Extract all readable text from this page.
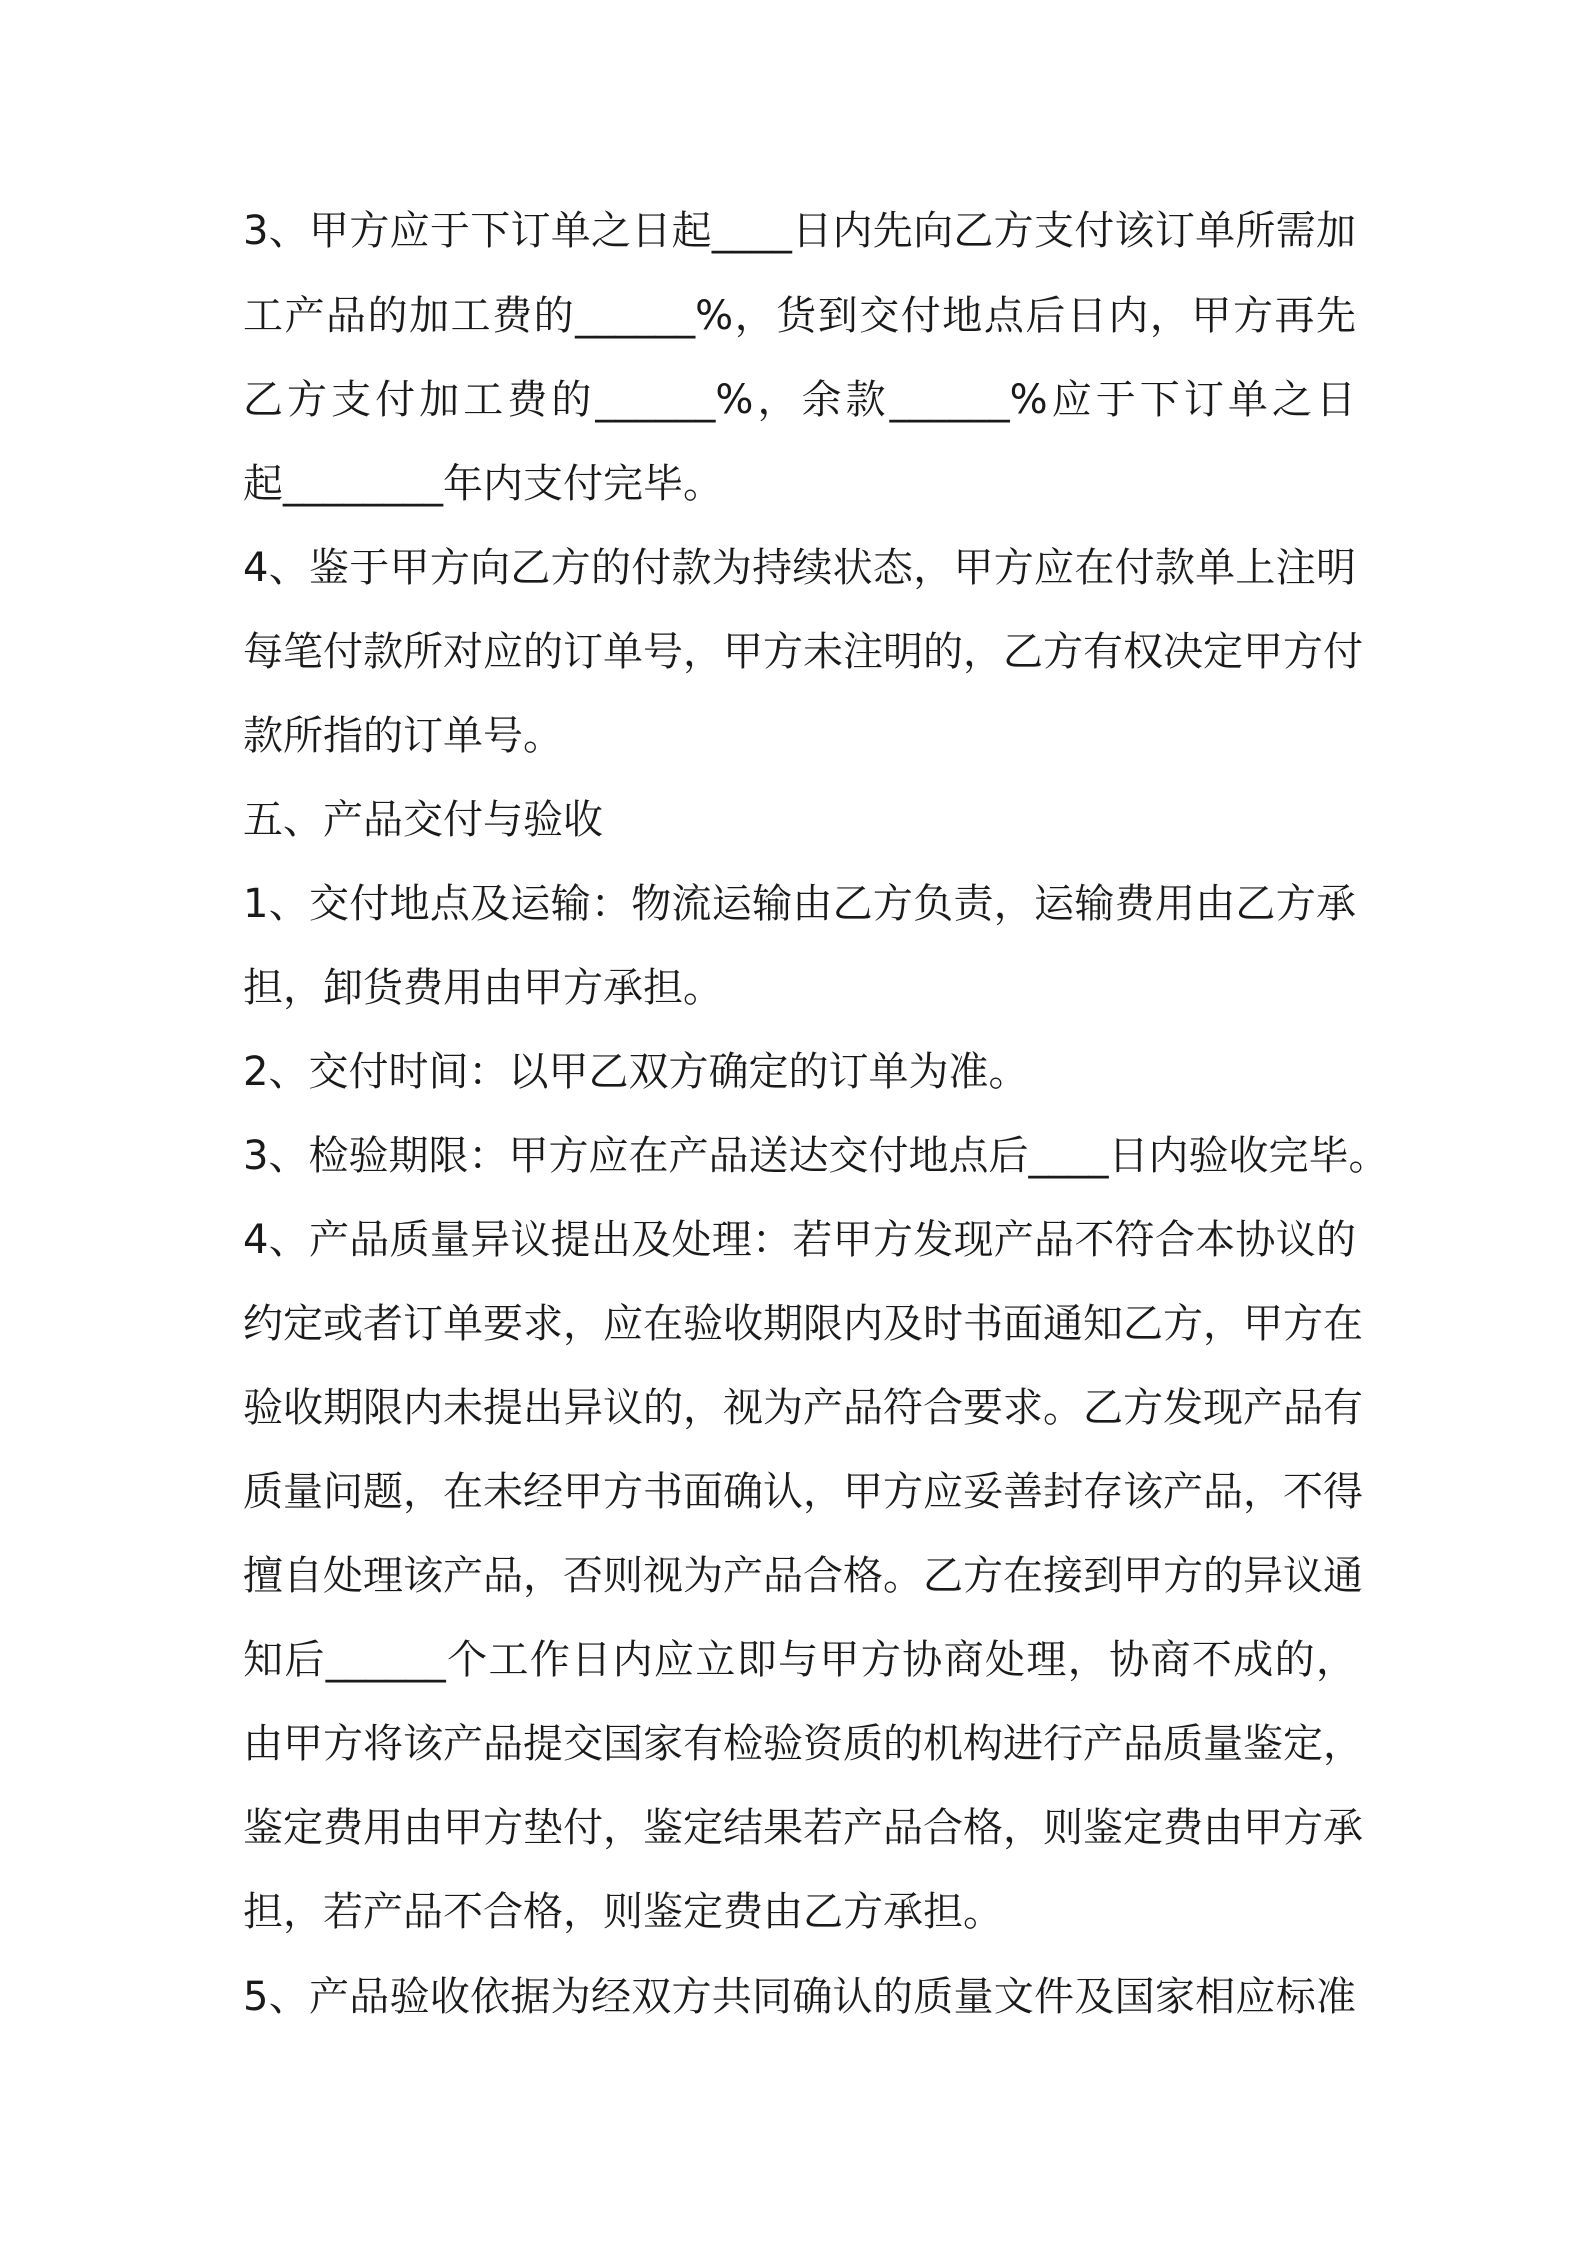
3、甲方应于下订单之日起____日内先向乙方支付该订单所需加
工产品的加工费的______%，货到交付地点后日内，甲方再先
乙方支付加工费的______%，余款______%应于下订单之日
起________年内支付完毕。
4、鉴于甲方向乙方的付款为持续状态，甲方应在付款单上注明
每笔付款所对应的订单号，甲方未注明的，乙方有权决定甲方付
款所指的订单号。
五、产品交付与验收
1、交付地点及运输：物流运输由乙方负责，运输费用由乙方承
担，卸货费用由甲方承担。
2、交付时间：以甲乙双方确定的订单为准。
3、检验期限：甲方应在产品送达交付地点后____日内验收完毕。
4、产品质量异议提出及处理：若甲方发现产品不符合本协议的
约定或者订单要求，应在验收期限内及时书面通知乙方，甲方在
验收期限内未提出异议的，视为产品符合要求。乙方发现产品有
质量问题，在未经甲方书面确认，甲方应妥善封存该产品，不得
擅自处理该产品，否则视为产品合格。乙方在接到甲方的异议通
知后______个工作日内应立即与甲方协商处理，协商不成的，
由甲方将该产品提交国家有检验资质的机构进行产品质量鉴定，
鉴定费用由甲方垫付，鉴定结果若产品合格，则鉴定费由甲方承
担，若产品不合格，则鉴定费由乙方承担。
5、产品验收依据为经双方共同确认的质量文件及国家相应标准
